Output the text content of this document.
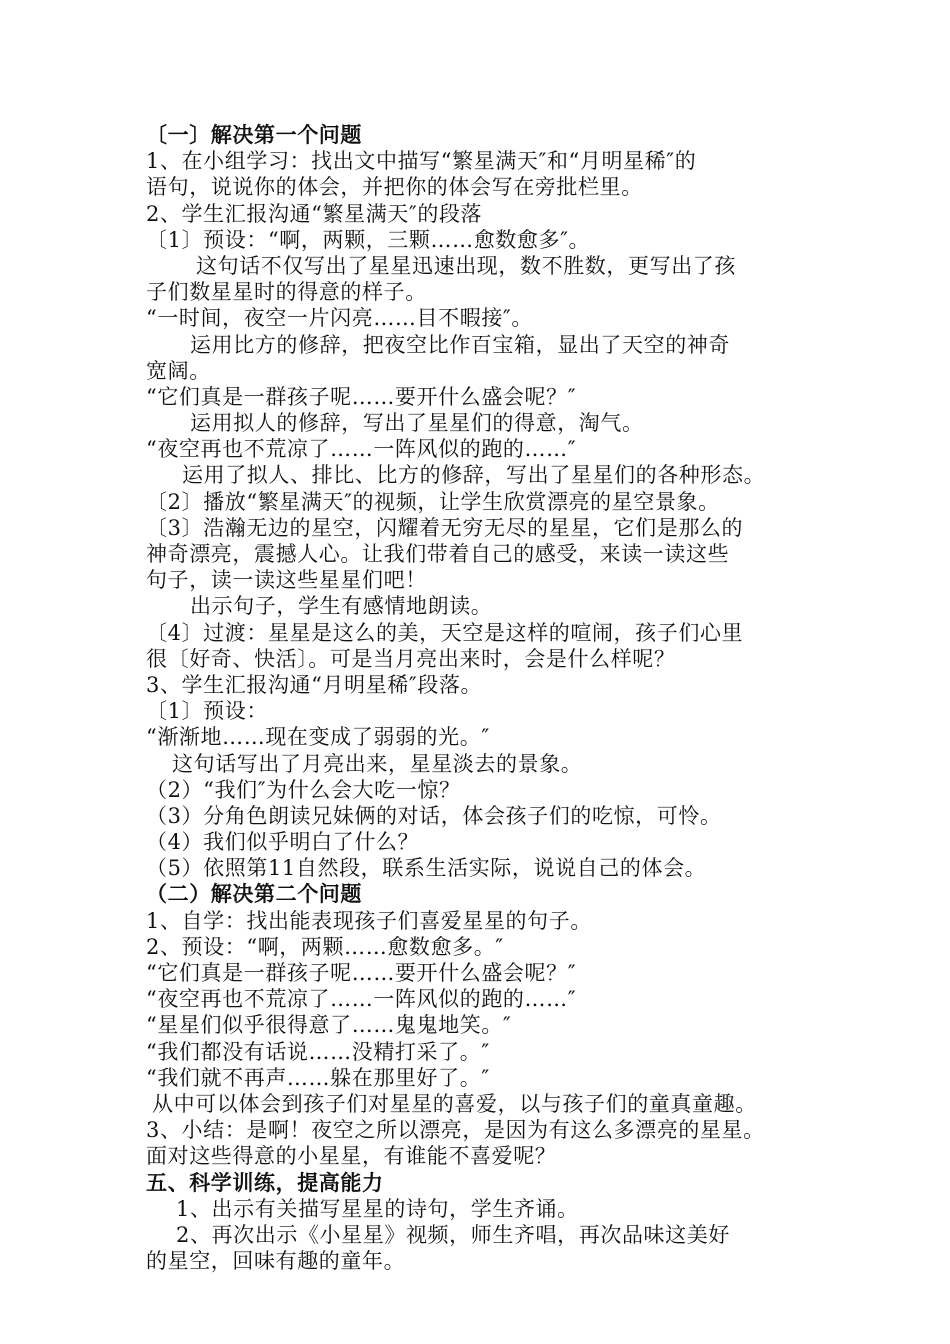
〔一〕解决第一个问题
1、在小组学习：找出文中描写“繁星满天″和“月明星稀″的
语句，说说你的体会，并把你的体会写在旁批栏里。
2、学生汇报沟通“繁星满天″的段落
〔1〕预设：“啊，两颗，三颗……愈数愈多″。
这句话不仅写出了星星迅速出现，数不胜数，更写出了孩
子们数星星时的得意的样子。
“一时间，夜空一片闪亮……目不暇接″。
运用比方的修辞，把夜空比作百宝箱，显出了天空的神奇
宽阔。
“它们真是一群孩子呢……要开什么盛会呢？″
运用拟人的修辞，写出了星星们的得意，淘气。
“夜空再也不荒凉了……一阵风似的跑的……″
运用了拟人、排比、比方的修辞，写出了星星们的各种形态。
〔2〕播放“繁星满天″的视频，让学生欣赏漂亮的星空景象。
〔3〕浩瀚无边的星空，闪耀着无穷无尽的星星，它们是那么的
神奇漂亮，震撼人心。让我们带着自己的感受，来读一读这些
句子，读一读这些星星们吧！
出示句子，学生有感情地朗读。
〔4〕过渡：星星是这么的美，天空是这样的喧闹，孩子们心里
很〔好奇、快活〕。可是当月亮出来时，会是什么样呢？
3、学生汇报沟通“月明星稀″段落。
〔1〕预设：
“渐渐地……现在变成了弱弱的光。″
这句话写出了月亮出来，星星淡去的景象。
（2）“我们″为什么会大吃一惊？
（3）分角色朗读兄妹俩的对话，体会孩子们的吃惊，可怜。
（4）我们似乎明白了什么？
（5）依照第11自然段，联系生活实际，说说自己的体会。
（二）解决第二个问题
1、自学：找出能表现孩子们喜爱星星的句子。
2、预设：“啊，两颗……愈数愈多。″
“它们真是一群孩子呢……要开什么盛会呢？″
“夜空再也不荒凉了……一阵风似的跑的……″
“星星们似乎很得意了……鬼鬼地笑。″
“我们都没有话说……没精打采了。″
“我们就不再声……躲在那里好了。″
从中可以体会到孩子们对星星的喜爱，以与孩子们的童真童趣。
3、小结：是啊！夜空之所以漂亮，是因为有这么多漂亮的星星。
面对这些得意的小星星，有谁能不喜爱呢？
五、科学训练，提高能力
1、出示有关描写星星的诗句，学生齐诵。
2、再次出示《小星星》视频，师生齐唱，再次品味这美好
的星空，回味有趣的童年。
